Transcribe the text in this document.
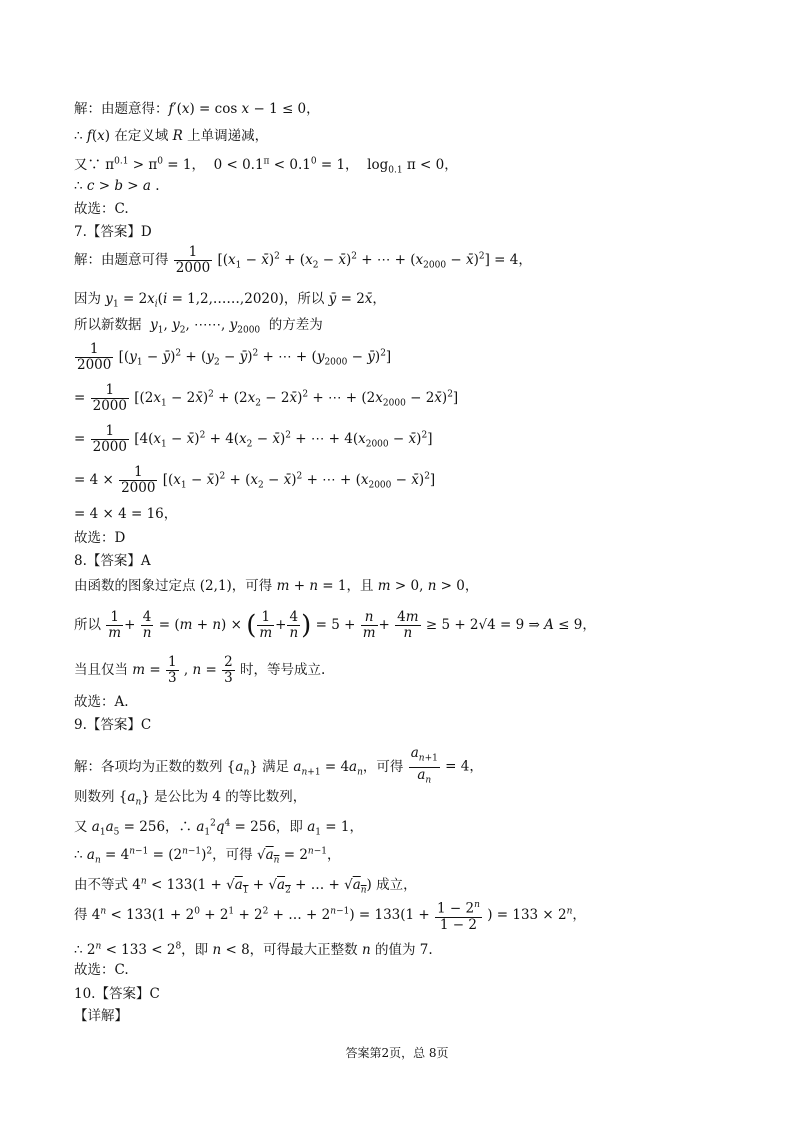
解：由题意得：f′(x) = cos x − 1 ≤ 0，
∴ f(x) 在定义域 R 上单调递减，
又∵ $\pi^{0.1} > \pi^0 = 1$，  $0 < 0.1^\pi < 0.1^0 = 1$，  $\log_{0.1} \pi < 0$，
∴ c > b > a .
故选：C.
7.【答案】D
解：由题意可得 $\frac{1}{2000} [(x_1$ − x̄)$^2$ + ($x_2$ − x̄)$^2$ + ⋯ + ($x_{2000}$ − x̄)$^2$] = 4，
因为 $y_1 = 2x_i(i$ = 1,2,……,2020)，所以 ȳ = 2x̄，
所以新数据  $y_1$, $y_2$, ⋯⋯, $y_{2000}$  的方差为
$\frac{1}{2000} [(y_1$ − ȳ)$^2$ + ($y_2$ − ȳ)$^2$ + ⋯ + ($y_{2000}$ − ȳ)$^2$]
= $\frac{1}{2000} [(2x_1$ − 2x̄)$^2$ + ($2x_2$ − 2x̄)$^2$ + ⋯ + ($2x_{2000}$ − 2x̄)$^2$]
= $\frac{1}{2000} [4(x_1$ − x̄)$^2$ + $4(x_2$ − x̄)$^2$ + ⋯ + $4(x_{2000}$ − x̄)$^2$]
= $4 \times \frac{1}{2000} [(x_1$ − x̄)$^2$ + ($x_2$ − x̄)$^2$ + ⋯ + ($x_{2000}$ − x̄)$^2$]
= 4 × 4 = 16，
故选：D
8.【答案】A
由函数的图象过定点 (2,1)，可得 m + n = 1，且 m > 0, n > 0，
所以 $\frac{1}{m} + \frac{4}{n} = (m + n)$ × ( $\frac{1}{m} + \frac{4}{n}$ ) = $5 + \frac{n}{m} + \frac{4m}{n} \ge 5 + 2√4 = 9$ ⇒ A ≤ 9，
当且仅当 $m = \frac{1}{3}$ , $n = \frac{2}{3}$ 时，等号成立.
故选：A.
9.【答案】C
解：各项均为正数的数列 $\{a_n\}$ 满足 $a_{n+1} = 4a_n$，可得 $\frac{a_{n+1}}{a_n} = 4$，
则数列 $\{a_n\}$ 是公比为 4 的等比数列，
又 $a_1a_5 = 256$，∴ $a_1^2q^4 = 256$，即 $a_1 = 1$，
∴ $a_n = 4^{n-1} = (2^{n-1})^2$，可得 $√a_n = 2^{n-1}$，
由不等式 $4^n < 133(1 + √a_1 + √a_2$ + … + $√a_n$) 成立，
得 $4^n < 133(1 + 2^0 + 2^1 + 2^2$ + … + $2^{n-1}) = 133(1 + \frac{1 - 2^n}{1 - 2}$ ) = $133 \times 2^n$，
∴ $2^n < 133 < 2^8$，即 n < 8，可得最大正整数 n 的值为 7.
故选：C.
10.【答案】C
【详解】
答案第2页，总 8页
